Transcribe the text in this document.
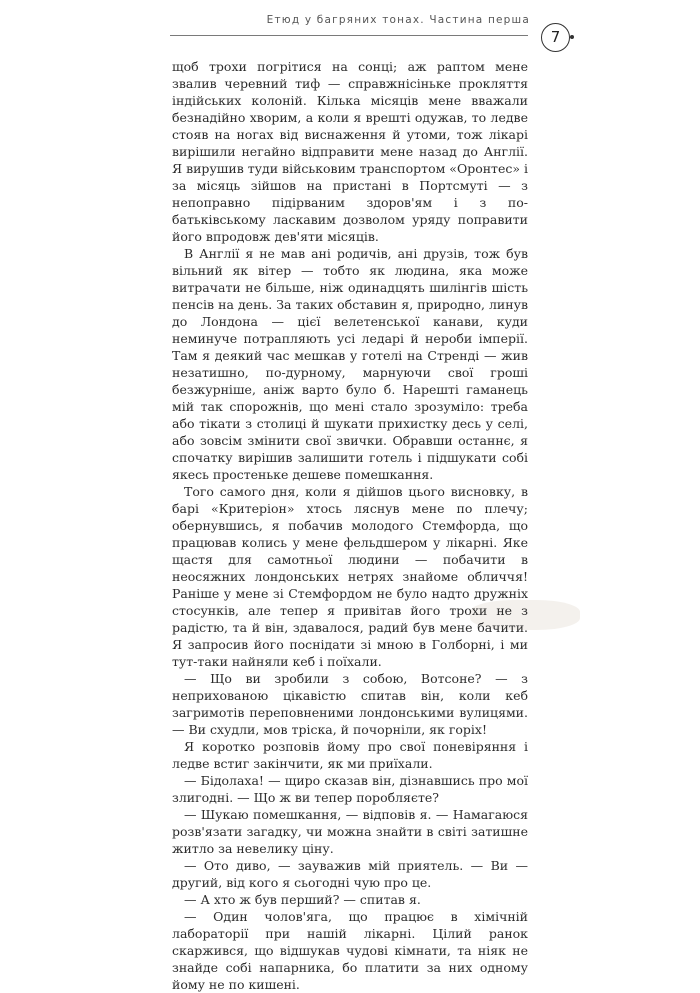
Етюд у багряних тонах. Частина перша
7

щоб трохи погрітися на сонці; аж раптом мене звалив черевний тиф — справжнісіньке прокляття індійських колоній. Кілька місяців мене вважали безнадійно хворим, а коли я врешті одужав, то ледве стояв на ногах від виснаження й утоми, тож лікарі вирішили негайно відправити мене назад до Англії. Я вирушив туди військовим транспортом «Оронтес» і за місяць зійшов на пристані в Портсмуті — з непоправно підірваним здоров'ям і з по-батьківському ласкавим дозволом уряду поправити його впродовж дев'яти місяців.

В Англії я не мав ані родичів, ані друзів, тож був вільний як вітер — тобто як людина, яка може витрачати не більше, ніж одинадцять шилінгів шість пенсів на день. За таких обставин я, природно, линув до Лондона — цієї велетенської канави, куди неминуче потрапляють усі ледарі й нероби імперії. Там я деякий час мешкав у готелі на Стренді — жив незатишно, по-дурному, марнуючи свої гроші безжурніше, аніж варто було б. Нарешті гаманець мій так спорожнів, що мені стало зрозуміло: треба або тікати з столиці й шукати прихистку десь у селі, або зовсім змінити свої звички. Обравши останнє, я спочатку вирішив залишити готель і підшукати собі якесь простеньке дешеве помешкання.

Того самого дня, коли я дійшов цього висновку, в барі «Критеріон» хтось ляснув мене по плечу; обернувшись, я побачив молодого Стемфорда, що працював колись у мене фельдшером у лікарні. Яке щастя для самотньої людини — побачити в неосяжних лондонських нетрях знайоме обличчя! Раніше у мене зі Стемфордом не було надто дружніх стосунків, але тепер я привітав його трохи не з радістю, та й він, здавалося, радий був мене бачити. Я запросив його поснідати зі мною в Голборні, і ми тут-таки найняли кеб і поїхали.

— Що ви зробили з собою, Вотсоне? — з неприхованою цікавістю спитав він, коли кеб загримотів переповненими лондонськими вулицями. — Ви схудли, мов тріска, й почорніли, як горіх!

Я коротко розповів йому про свої поневіряння і ледве встиг закінчити, як ми приїхали.

— Бідолаха! — щиро сказав він, дізнавшись про мої злигодні. — Що ж ви тепер поробляєте?

— Шукаю помешкання, — відповів я. — Намагаюся розв'язати загадку, чи можна знайти в світі затишне житло за невелику ціну.

— Ото диво, — зауважив мій приятель. — Ви — другий, від кого я сьогодні чую про це.

— А хто ж був перший? — спитав я.

— Один чолов'яга, що працює в хімічній лабораторії при нашій лікарні. Цілий ранок скаржився, що відшукав чудові кімнати, та ніяк не знайде собі напарника, бо платити за них одному йому не по кишені.
